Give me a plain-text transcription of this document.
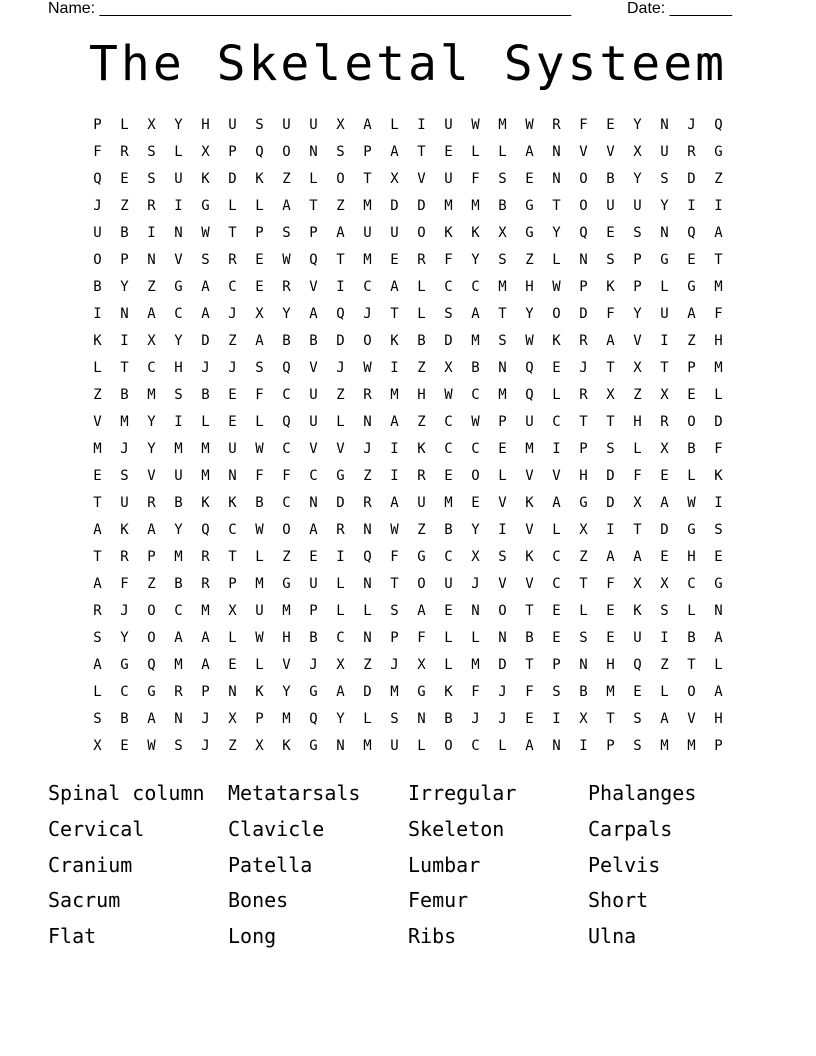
Name: _____________________________________________________	Date: _______
The Skeletal Systeem
P	L	X	Y	H	U	S	U	U	X	A	L	I	U	W	M	W	R	F	E	Y	N	J	Q
F	R	S	L	X	P	Q	O	N	S	P	A	T	E	L	L	A	N	V	V	X	U	R	G
Q	E	S	U	K	D	K	Z	L	O	T	X	V	U	F	S	E	N	O	B	Y	S	D	Z
J	Z	R	I	G	L	L	A	T	Z	M	D	D	M	M	B	G	T	O	U	U	Y	I	I
U	B	I	N	W	T	P	S	P	A	U	U	O	K	K	X	G	Y	Q	E	S	N	Q	A
O	P	N	V	S	R	E	W	Q	T	M	E	R	F	Y	S	Z	L	N	S	P	G	E	T
B	Y	Z	G	A	C	E	R	V	I	C	A	L	C	C	M	H	W	P	K	P	L	G	M
I	N	A	C	A	J	X	Y	A	Q	J	T	L	S	A	T	Y	O	D	F	Y	U	A	F
K	I	X	Y	D	Z	A	B	B	D	O	K	B	D	M	S	W	K	R	A	V	I	Z	H
L	T	C	H	J	J	S	Q	V	J	W	I	Z	X	B	N	Q	E	J	T	X	T	P	M
Z	B	M	S	B	E	F	C	U	Z	R	M	H	W	C	M	Q	L	R	X	Z	X	E	L
V	M	Y	I	L	E	L	Q	U	L	N	A	Z	C	W	P	U	C	T	T	H	R	O	D
M	J	Y	M	M	U	W	C	V	V	J	I	K	C	C	E	M	I	P	S	L	X	B	F
E	S	V	U	M	N	F	F	C	G	Z	I	R	E	O	L	V	V	H	D	F	E	L	K
T	U	R	B	K	K	B	C	N	D	R	A	U	M	E	V	K	A	G	D	X	A	W	I
A	K	A	Y	Q	C	W	O	A	R	N	W	Z	B	Y	I	V	L	X	I	T	D	G	S
T	R	P	M	R	T	L	Z	E	I	Q	F	G	C	X	S	K	C	Z	A	A	E	H	E
A	F	Z	B	R	P	M	G	U	L	N	T	O	U	J	V	V	C	T	F	X	X	C	G
R	J	O	C	M	X	U	M	P	L	L	S	A	E	N	O	T	E	L	E	K	S	L	N
S	Y	O	A	A	L	W	H	B	C	N	P	F	L	L	N	B	E	S	E	U	I	B	A
A	G	Q	M	A	E	L	V	J	X	Z	J	X	L	M	D	T	P	N	H	Q	Z	T	L
L	C	G	R	P	N	K	Y	G	A	D	M	G	K	F	J	F	S	B	M	E	L	O	A
S	B	A	N	J	X	P	M	Q	Y	L	S	N	B	J	J	E	I	X	T	S	A	V	H
X	E	W	S	J	Z	X	K	G	N	M	U	L	O	C	L	A	N	I	P	S	M	M	P
Spinal column	Metatarsals	Irregular	Phalanges
Cervical	Clavicle	Skeleton	Carpals
Cranium	Patella	Lumbar	Pelvis
Sacrum	Bones	Femur	Short
Flat	Long	Ribs	Ulna
